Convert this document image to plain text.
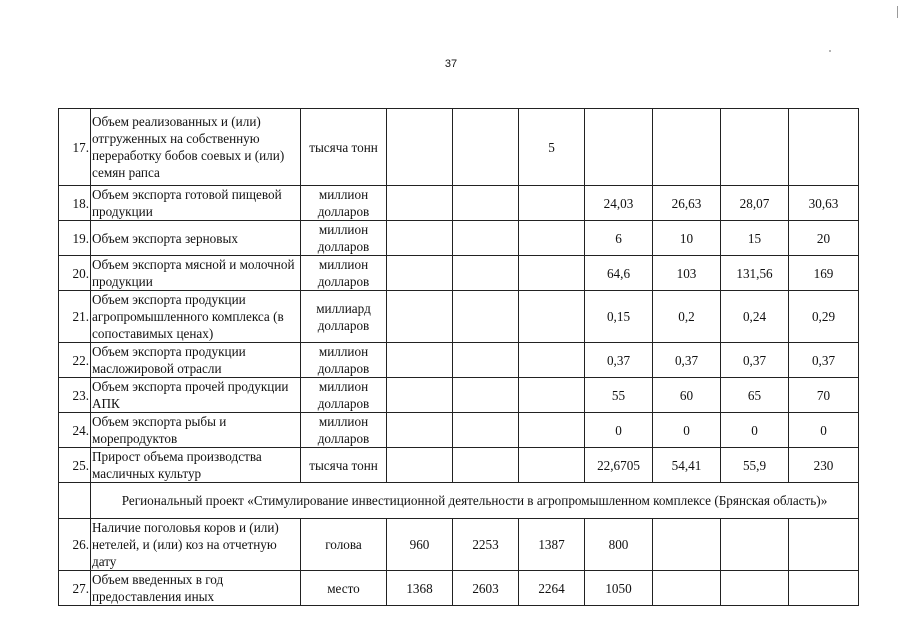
37
17.	Объем реализованных и (или) отгруженных на собственную переработку бобов соевых и (или) семян рапса	тысяча тонн			5				
18.	Объем экспорта готовой пищевой продукции	миллион долларов				24,03	26,63	28,07	30,63
19.	Объем экспорта зерновых	миллион долларов				6	10	15	20
20.	Объем экспорта мясной и молочной продукции	миллион долларов				64,6	103	131,56	169
21.	Объем экспорта продукции агропромышленного комплекса (в сопоставимых ценах)	миллиард долларов				0,15	0,2	0,24	0,29
22.	Объем экспорта продукции масложировой отрасли	миллион долларов				0,37	0,37	0,37	0,37
23.	Объем экспорта прочей продукции АПК	миллион долларов				55	60	65	70
24.	Объем экспорта рыбы и морепродуктов	миллион долларов				0	0	0	0
25.	Прирост объема производства масличных культур	тысяча тонн				22,6705	54,41	55,9	230
	Региональный проект «Стимулирование инвестиционной деятельности в агропромышленном комплексе (Брянская область)»								
26.	Наличие поголовья коров и (или) нетелей, и (или) коз на отчетную дату	голова	960	2253	1387	800			
27.	Объем введенных в год предоставления иных	место	1368	2603	2264	1050			
